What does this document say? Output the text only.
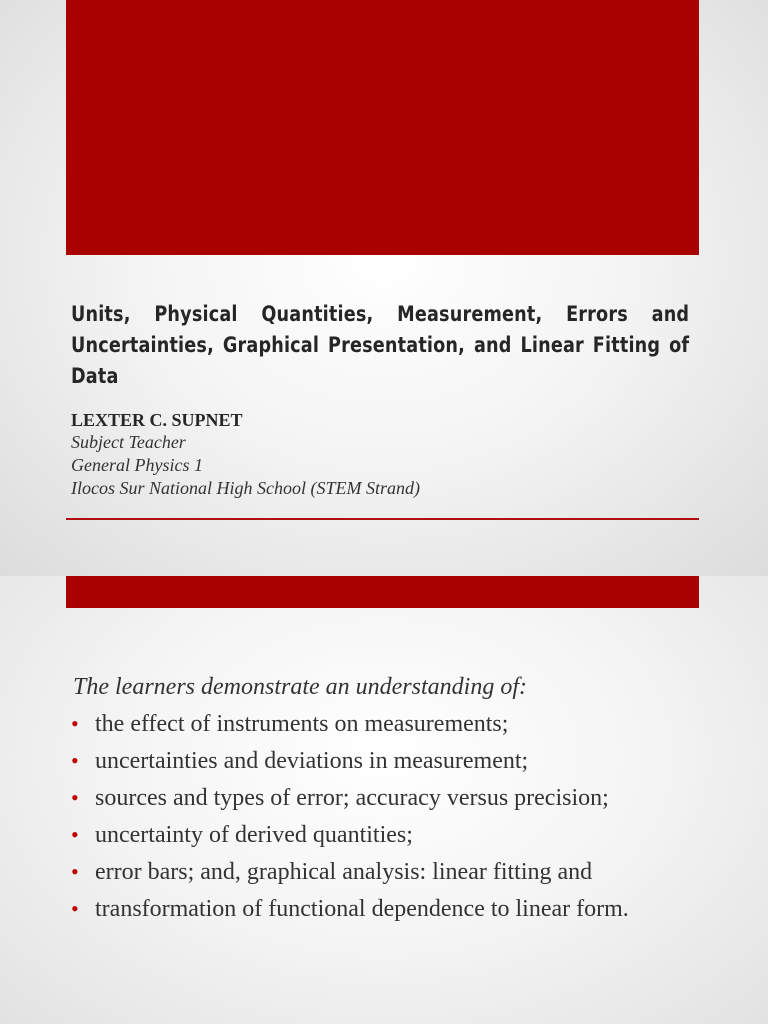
Units, Physical Quantities, Measurement, Errors and Uncertainties, Graphical Presentation, and Linear Fitting of Data
LEXTER C. SUPNET
Subject Teacher
General Physics 1
Ilocos Sur National High School (STEM Strand)
The learners demonstrate an understanding of:
• the effect of instruments on measurements;
• uncertainties and deviations in measurement;
• sources and types of error; accuracy versus precision;
• uncertainty of derived quantities;
• error bars; and, graphical analysis: linear fitting and
• transformation of functional dependence to linear form.
